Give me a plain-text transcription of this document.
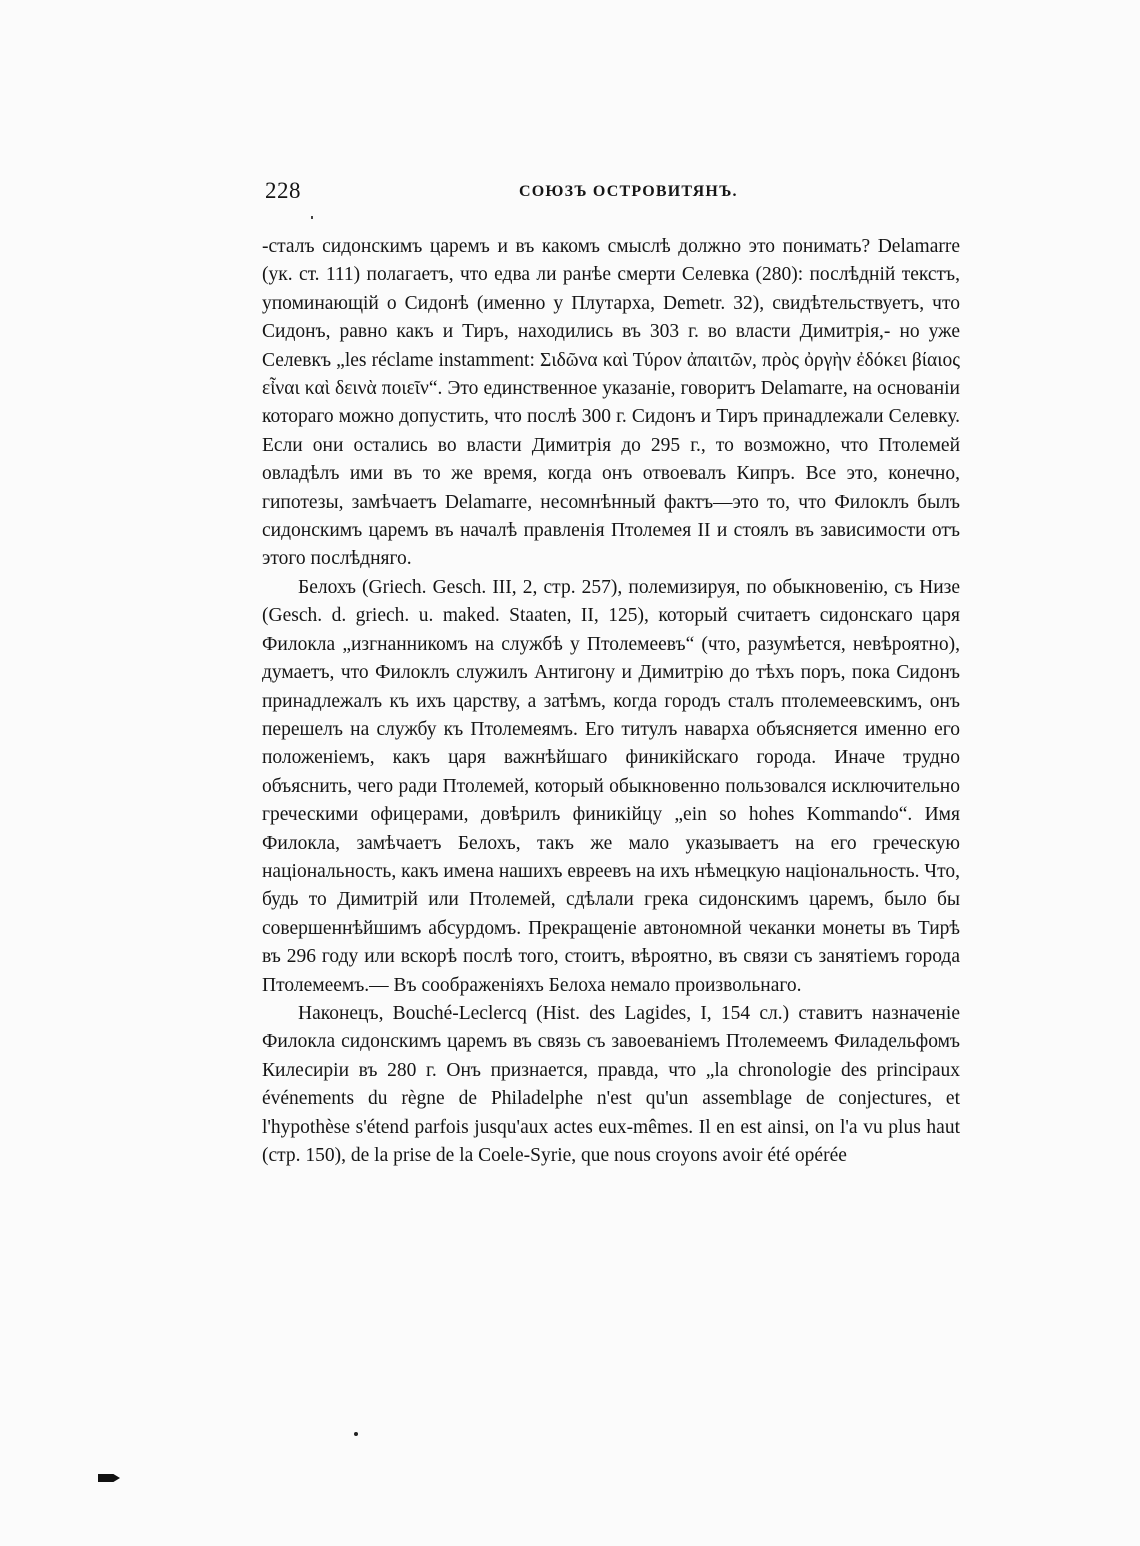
228	СОЮЗЪ ОСТРОВИТЯНЪ.

-сталъ сидонскимъ царемъ и въ какомъ смыслѣ должно это понимать? Delamarre (ук. ст. 111) полагаетъ, что едва ли ранѣе смерти Селевка (280): послѣдній текстъ, упоминающій о Сидонѣ (именно у Плутарха, Demetr. 32), свидѣтельствуетъ, что Сидонъ, равно какъ и Тиръ, находились въ 303 г. во власти Димитрія,- но уже Селевкъ „les réclame instamment: Σιδῶνα καὶ Τύρον ἀπαιτῶν, πρὸς ὀργὴν ἐδόκει βίαιος εἶναι καὶ δεινὰ ποιεῖν“. Это единственное указаніе, говоритъ Delamarre, на основаніи котораго можно допустить, что послѣ 300 г. Сидонъ и Тиръ принадлежали Селевку. Если они остались во власти Димитрія до 295 г., то возможно, что Птолемей овладѣлъ ими въ то же время, когда онъ отвоевалъ Кипръ. Все это, конечно, гипотезы, замѣчаетъ Delamarre, несомнѣнный фактъ—это то, что Филоклъ былъ сидонскимъ царемъ въ началѣ правленія Птолемея II и стоялъ въ зависимости отъ этого послѣдняго.

Белохъ (Griech. Gesch. III, 2, стр. 257), полемизируя, по обыкновенію, съ Низе (Gesch. d. griech. u. maked. Staaten, II, 125), который считаетъ сидонскаго царя Филокла „изгнанникомъ на службѣ у Птолемеевъ“ (что, разумѣется, невѣроятно), думаетъ, что Филоклъ служилъ Антигону и Димитрію до тѣхъ поръ, пока Сидонъ принадлежалъ къ ихъ царству, а затѣмъ, когда городъ сталъ птолемеевскимъ, онъ перешелъ на службу къ Птолемеямъ. Его титулъ наварха объясняется именно его положеніемъ, какъ царя важнѣйшаго финикійскаго города. Иначе трудно объяснить, чего ради Птолемей, который обыкновенно пользовался исключительно греческими офицерами, довѣрилъ финикійцу „ein so hohes Kommando“. Имя Филокла, замѣчаетъ Белохъ, такъ же мало указываетъ на его греческую національность, какъ имена нашихъ евреевъ на ихъ нѣмецкую національность. Что, будь то Димитрій или Птолемей, сдѣлали грека сидонскимъ царемъ, было бы совершеннѣйшимъ абсурдомъ. Прекращеніе автономной чеканки монеты въ Тирѣ въ 296 году или вскорѣ послѣ того, стоитъ, вѣроятно, въ связи съ занятіемъ города Птолемеемъ.— Въ соображеніяхъ Белоха немало произвольнаго.

Наконецъ, Bouché-Leclercq (Hist. des Lagides, I, 154 сл.) ставитъ назначеніе Филокла сидонскимъ царемъ въ связь съ завоеваніемъ Птолемеемъ Филадельфомъ Килесиріи въ 280 г. Онъ признается, правда, что „la chronologie des principaux événements du règne de Philadelphe n'est qu'un assemblage de conjectures, et l'hypothèse s'étend parfois jusqu'aux actes eux-mêmes. Il en est ainsi, on l'a vu plus haut (стр. 150), de la prise de la Coele-Syrie, que nous croyons avoir été opérée
